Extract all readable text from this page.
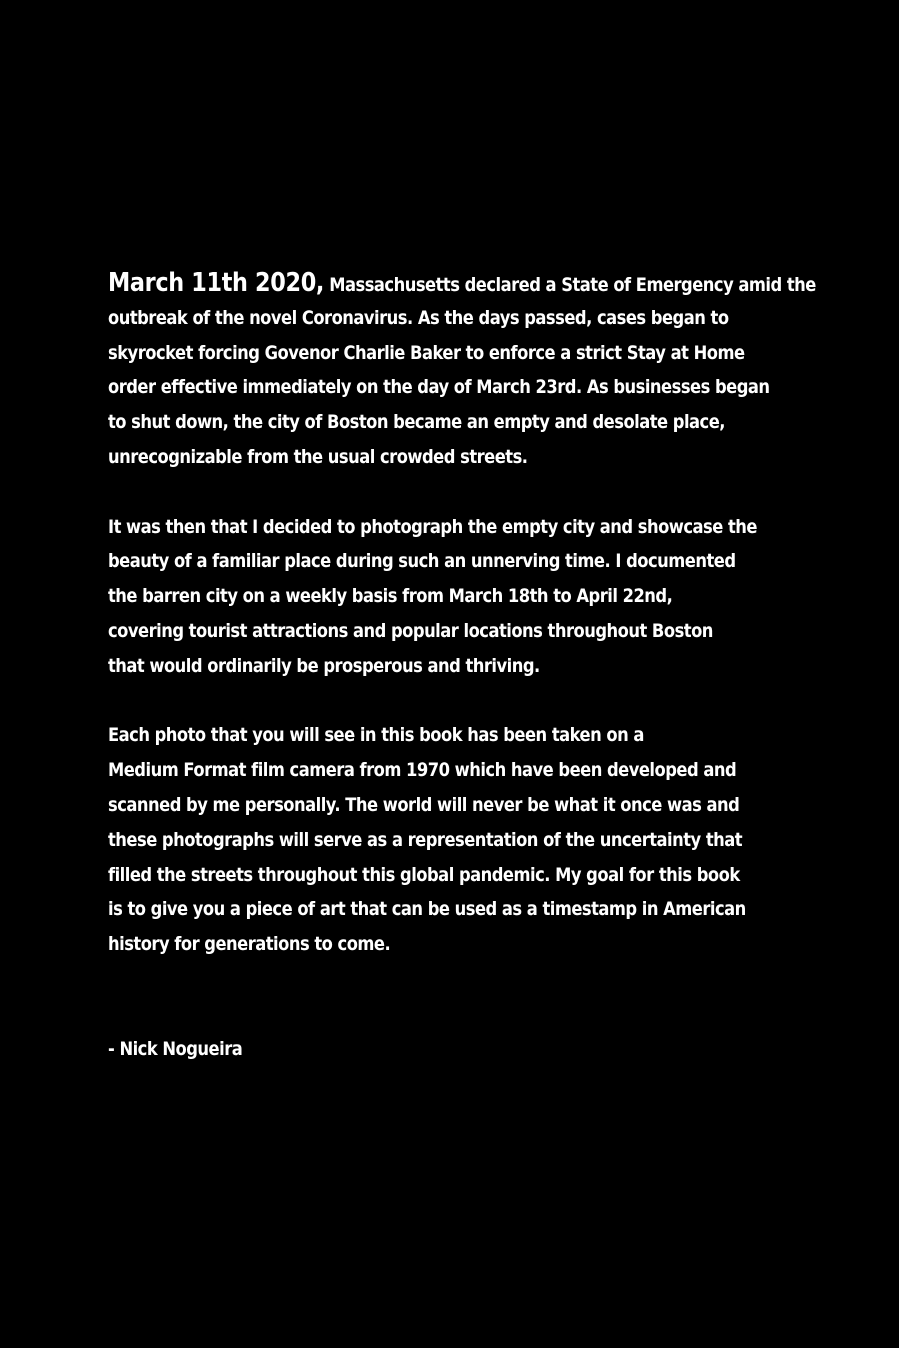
March 11th 2020, Massachusetts declared a State of Emergency amid the
outbreak of the novel Coronavirus. As the days passed, cases began to
skyrocket forcing Govenor Charlie Baker to enforce a strict Stay at Home
order effective immediately on the day of March 23rd. As businesses began
to shut down, the city of Boston became an empty and desolate place,
unrecognizable from the usual crowded streets.
It was then that I decided to photograph the empty city and showcase the
beauty of a familiar place during such an unnerving time. I documented
the barren city on a weekly basis from March 18th to April 22nd,
covering tourist attractions and popular locations throughout Boston
that would ordinarily be prosperous and thriving.
Each photo that you will see in this book has been taken on a
Medium Format film camera from 1970 which have been developed and
scanned by me personally. The world will never be what it once was and
these photographs will serve as a representation of the uncertainty that
filled the streets throughout this global pandemic. My goal for this book
is to give you a piece of art that can be used as a timestamp in American
history for generations to come.
- Nick Nogueira
